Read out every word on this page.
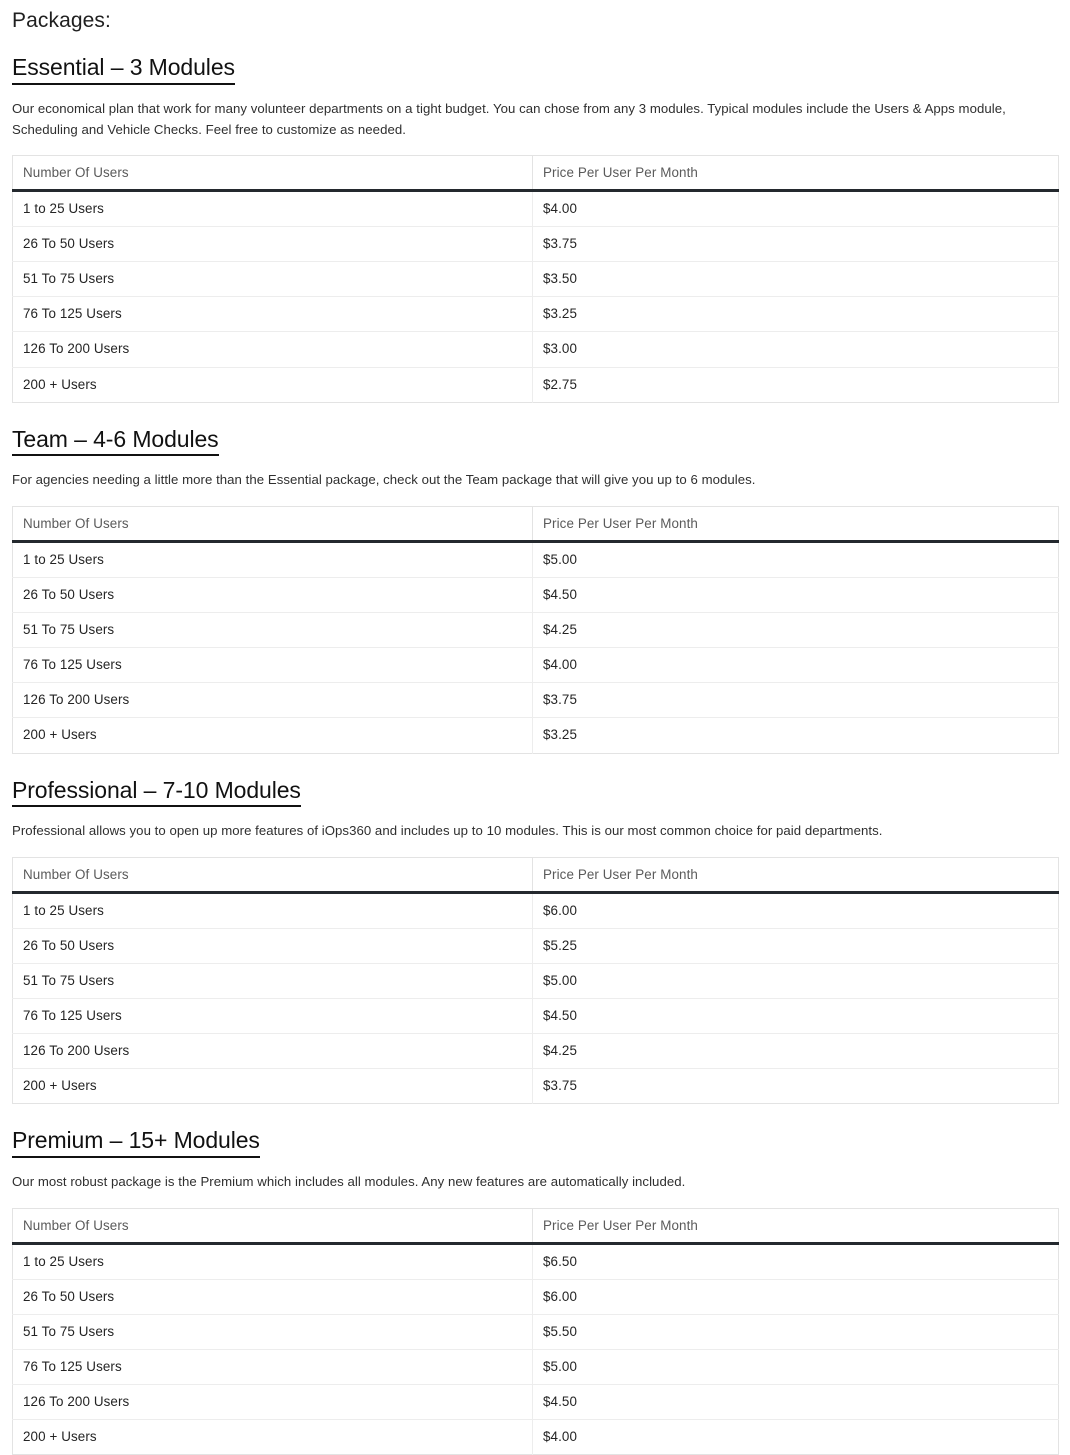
Packages:
Essential – 3 Modules

Our economical plan that work for many volunteer departments on a tight budget. You can chose from any 3 modules. Typical modules include the Users & Apps module, Scheduling and Vehicle Checks. Feel free to customize as needed.

Number Of Users	Price Per User Per Month
1 to 25 Users	$4.00
26 To 50 Users	$3.75
51 To 75 Users	$3.50
76 To 125 Users	$3.25
126 To 200 Users	$3.00
200 + Users	$2.75
Team – 4-6 Modules

For agencies needing a little more than the Essential package, check out the Team package that will give you up to 6 modules.

Number Of Users	Price Per User Per Month
1 to 25 Users	$5.00
26 To 50 Users	$4.50
51 To 75 Users	$4.25
76 To 125 Users	$4.00
126 To 200 Users	$3.75
200 + Users	$3.25
Professional – 7-10 Modules

Professional allows you to open up more features of iOps360 and includes up to 10 modules. This is our most common choice for paid departments.

Number Of Users	Price Per User Per Month
1 to 25 Users	$6.00
26 To 50 Users	$5.25
51 To 75 Users	$5.00
76 To 125 Users	$4.50
126 To 200 Users	$4.25
200 + Users	$3.75
Premium – 15+ Modules

Our most robust package is the Premium which includes all modules. Any new features are automatically included.

Number Of Users	Price Per User Per Month
1 to 25 Users	$6.50
26 To 50 Users	$6.00
51 To 75 Users	$5.50
76 To 125 Users	$5.00
126 To 200 Users	$4.50
200 + Users	$4.00
